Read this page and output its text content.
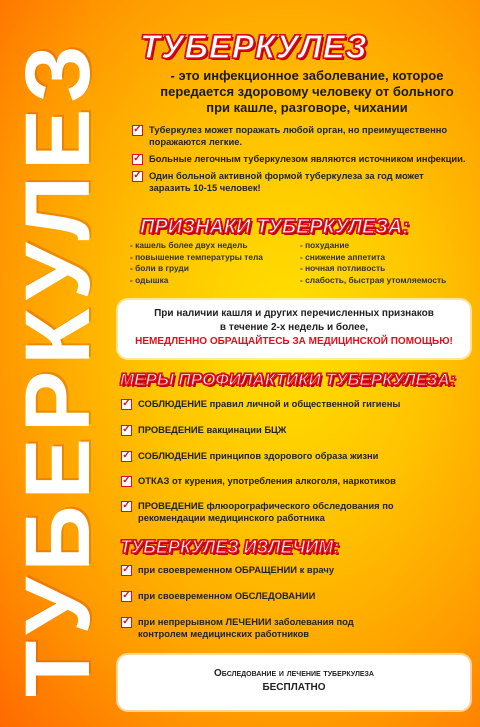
ТУБЕРКУЛЕЗ ТУБЕРКУЛЕЗ
- это инфекционное заболевание, которое передается здоровому человеку от больного при кашле, разговоре, чихании
✓ Туберкулез может поражать любой орган, но преимущественно поражаются легкие.
✓ Больные легочным туберкулезом являются источником инфекции.
✓ Один больной активной формой туберкулеза за год может заразить 10-15 человек!
ПРИЗНАКИ ТУБЕРКУЛЕЗА:
- кашель более двух недель
- повышение температуры тела
- боли в груди
- одышка
- похудание
- снижение аппетита
- ночная потливость
- слабость, быстрая утомляемость
При наличии кашля и других перечисленных признаков
в течение 2-х недель и более,
НЕМЕДЛЕННО ОБРАЩАЙТЕСЬ ЗА МЕДИЦИНСКОЙ ПОМОЩЬЮ!
МЕРЫ ПРОФИЛАКТИКИ ТУБЕРКУЛЕЗА:
✓ СОБЛЮДЕНИЕ правил личной и общественной гигиены
✓ ПРОВЕДЕНИЕ вакцинации БЦЖ
✓ СОБЛЮДЕНИЕ принципов здорового образа жизни
✓ ОТКАЗ от курения, употребления алкоголя, наркотиков
✓ ПРОВЕДЕНИЕ флюорографического обследования по рекомендации медицинского работника
ТУБЕРКУЛЕЗ ИЗЛЕЧИМ:
✓ при своевременном ОБРАЩЕНИИ к врачу
✓ при своевременном ОБСЛЕДОВАНИИ
✓ при непрерывном ЛЕЧЕНИИ заболевания под контролем медицинских работников
Обследование и лечение туберкулеза
БЕСПЛАТНО
